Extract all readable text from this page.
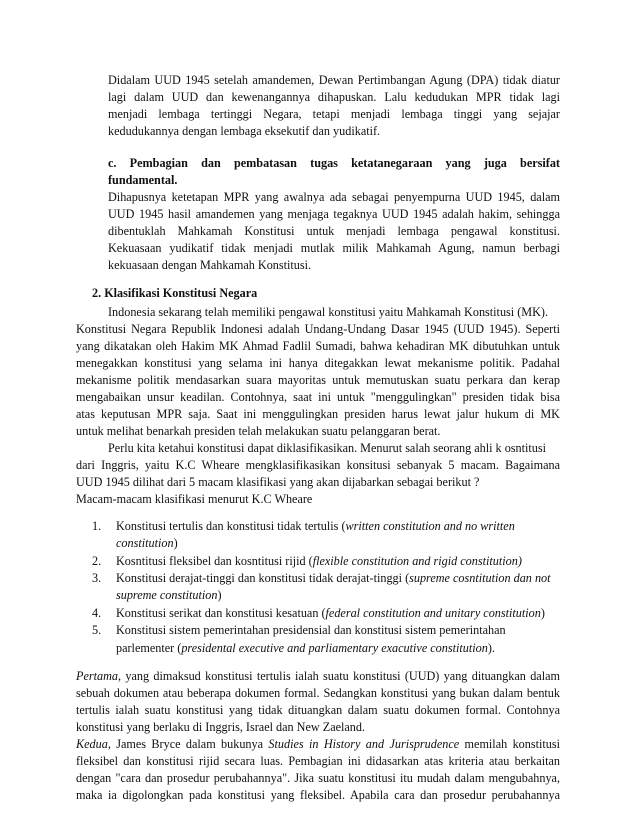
Didalam UUD 1945 setelah amandemen, Dewan Pertimbangan Agung (DPA) tidak diatur
lagi dalam UUD dan kewenangannya dihapuskan. Lalu kedudukan MPR tidak lagi
menjadi lembaga tertinggi Negara, tetapi menjadi lembaga tinggi yang sejajar
kedudukannya dengan lembaga eksekutif dan yudikatif.
c. Pembagian dan pembatasan tugas ketatanegaraan yang juga bersifat
fundamental.
Dihapusnya ketetapan MPR yang awalnya ada sebagai penyempurna UUD 1945, dalam
UUD 1945 hasil amandemen yang menjaga tegaknya UUD 1945 adalah hakim, sehingga
dibentuklah Mahkamah Konstitusi untuk menjadi lembaga pengawal konstitusi.
Kekuasaan yudikatif tidak menjadi mutlak milik Mahkamah Agung, namun berbagi
kekuasaan dengan Mahkamah Konstitusi.
2. Klasifikasi Konstitusi Negara
Indonesia sekarang telah memiliki pengawal konstitusi yaitu Mahkamah Konstitusi (MK).
Konstitusi Negara Republik Indonesi adalah Undang-Undang Dasar 1945 (UUD 1945). Seperti
yang dikatakan oleh Hakim MK Ahmad Fadlil Sumadi, bahwa kehadiran MK dibutuhkan untuk
menegakkan konstitusi yang selama ini hanya ditegakkan lewat mekanisme politik. Padahal
mekanisme politik mendasarkan suara mayoritas untuk memutuskan suatu perkara dan kerap
mengabaikan unsur keadilan. Contohnya, saat ini untuk "menggulingkan" presiden tidak bisa
atas keputusan MPR saja. Saat ini menggulingkan presiden harus lewat jalur hukum di MK
untuk melihat benarkah presiden telah melakukan suatu pelanggaran berat.
Perlu kita ketahui konstitusi dapat diklasifikasikan. Menurut salah seorang ahli k osntitusi
dari Inggris, yaitu K.C Wheare mengklasifikasikan konsitusi sebanyak 5 macam. Bagaimana
UUD 1945 dilihat dari 5 macam klasifikasi yang akan dijabarkan sebagai berikut ?
Macam-macam klasifikasi menurut K.C Wheare
1. Konstitusi tertulis dan konstitusi tidak tertulis (written constitution and no written
constitution)
2. Kosntitusi fleksibel dan kosntitusi rijid (flexible constitution and rigid constitution)
3. Konstitusi derajat-tinggi dan konstitusi tidak derajat-tinggi (supreme cosntitution dan not
supreme constitution)
4. Konstitusi serikat dan konstitusi kesatuan (federal constitution and unitary constitution)
5. Konstitusi sistem pemerintahan presidensial dan konstitusi sistem pemerintahan
parlementer (presidental executive and parliamentary exacutive constitution).
Pertama, yang dimaksud konstitusi tertulis ialah suatu konstitusi (UUD) yang dituangkan dalam
sebuah dokumen atau beberapa dokumen formal. Sedangkan konstitusi yang bukan dalam bentuk
tertulis ialah suatu konstitusi yang tidak dituangkan dalam suatu dokumen formal. Contohnya
konstitusi yang berlaku di Inggris, Israel dan New Zaeland.
Kedua, James Bryce dalam bukunya Studies in History and Jurisprudence memilah konstitusi
fleksibel dan konstitusi rijid secara luas. Pembagian ini didasarkan atas kriteria atau berkaitan
dengan "cara dan prosedur perubahannya". Jika suatu konstitusi itu mudah dalam mengubahnya,
maka ia digolongkan pada konstitusi yang fleksibel. Apabila cara dan prosedur perubahannya
